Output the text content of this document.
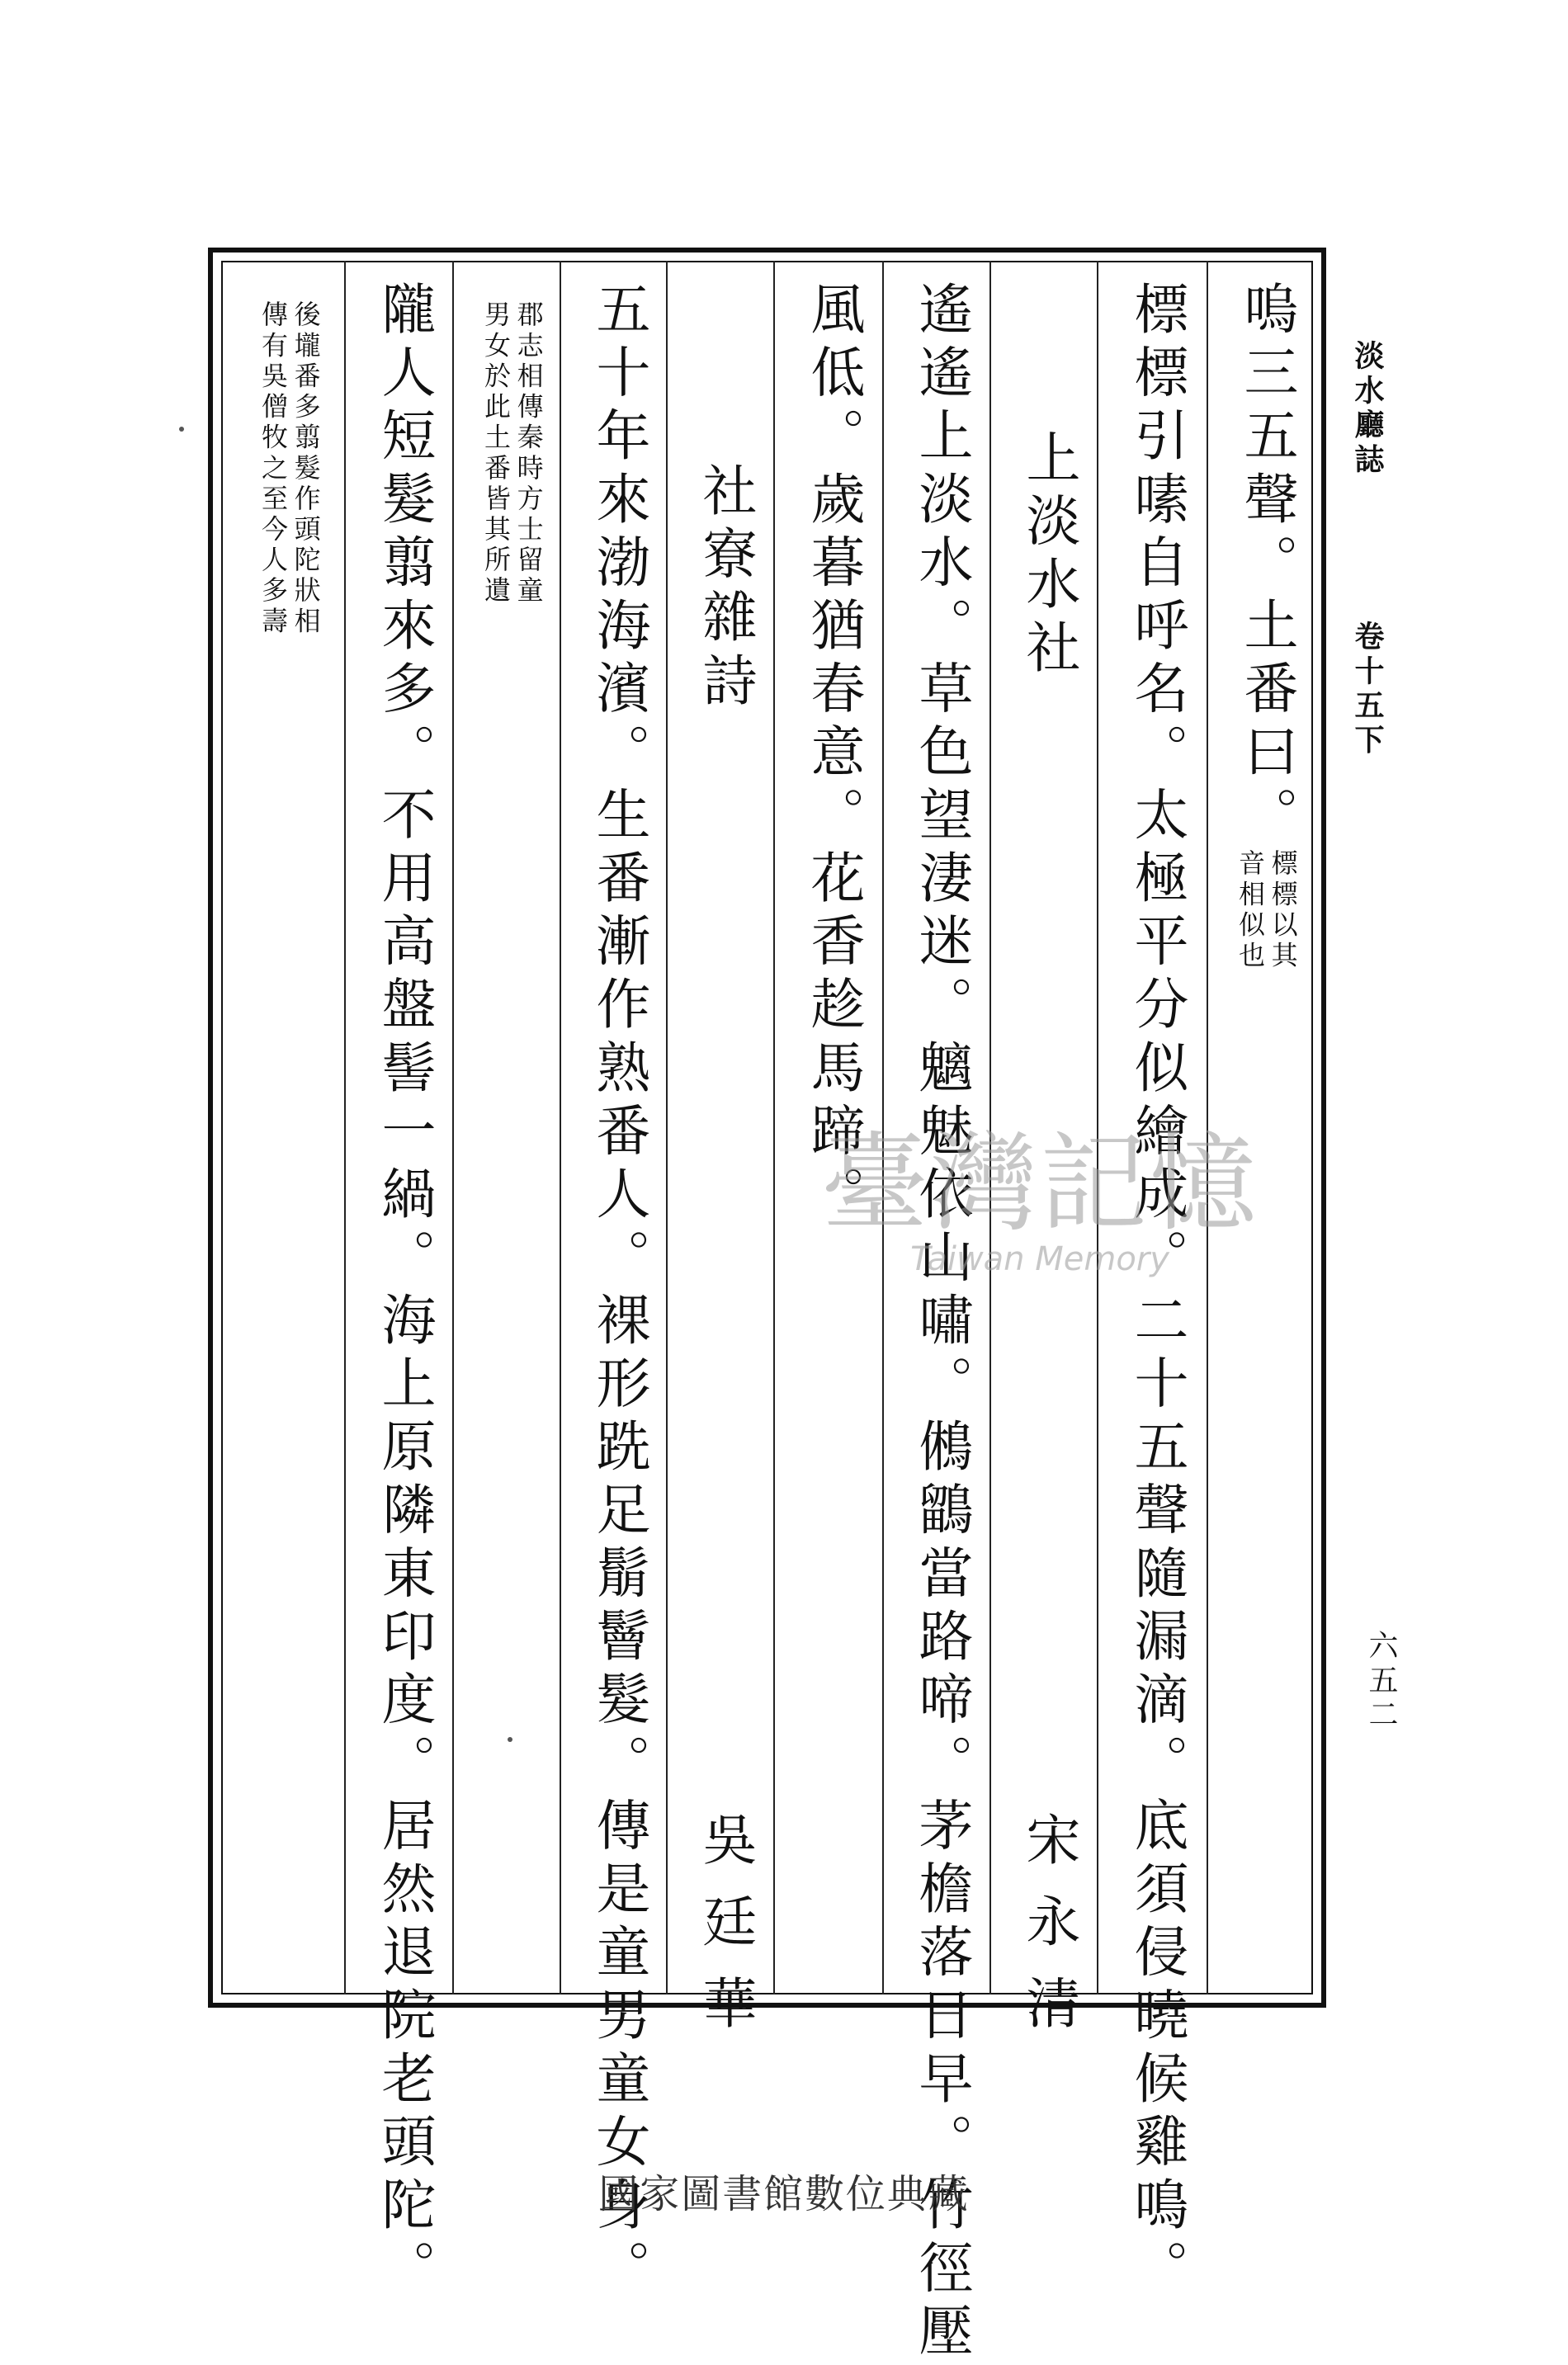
淡水廳誌
卷十五下
六五二
嗚三五聲。土番曰。
標標以其
音相似也
標標引嗉自呼名。太極平分似繪成。二十五聲隨漏滴。底須侵曉候雞鳴。
上淡水社
宋永清
遙遙上淡水。草色望淒迷。魑魅依山嘯。鵂鶹當路啼。茅檐落日早。竹徑壓
風低。歲暮猶春意。花香趁馬蹄。
社寮雜詩
吳廷華
五十年來渤海濱。生番漸作熟番人。裸形跣足鬅鬙髮。傳是童男童女身。
郡志相傳秦時方士留童
男女於此土番皆其所遺
隴人短髮翦來多。不用高盤髻一緺。海上原隣東印度。居然退院老頭陀。
後壠番多翦髮作頭陀狀相
傳有吳僧牧之至今人多壽
臺灣記憶
Taiwan Memory
國家圖書館數位典藏
